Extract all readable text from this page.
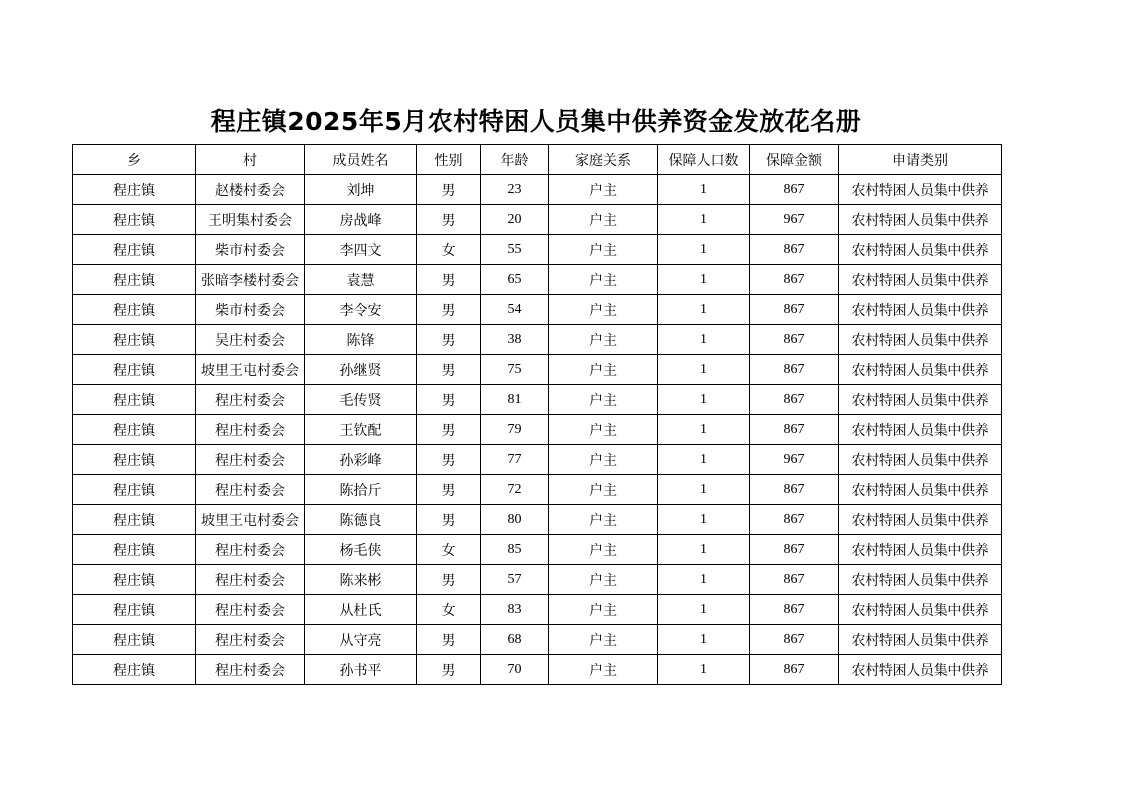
程庄镇2025年5月农村特困人员集中供养资金发放花名册
乡	村	成员姓名	性别	年龄	家庭关系	保障人口数	保障金额	申请类别
程庄镇	赵楼村委会	刘坤	男	23	户主	1	867	农村特困人员集中供养
程庄镇	王明集村委会	房战峰	男	20	户主	1	967	农村特困人员集中供养
程庄镇	柴市村委会	李四文	女	55	户主	1	867	农村特困人员集中供养
程庄镇	张暗李楼村委会	袁慧	男	65	户主	1	867	农村特困人员集中供养
程庄镇	柴市村委会	李令安	男	54	户主	1	867	农村特困人员集中供养
程庄镇	吴庄村委会	陈锋	男	38	户主	1	867	农村特困人员集中供养
程庄镇	坡里王屯村委会	孙继贤	男	75	户主	1	867	农村特困人员集中供养
程庄镇	程庄村委会	毛传贤	男	81	户主	1	867	农村特困人员集中供养
程庄镇	程庄村委会	王钦配	男	79	户主	1	867	农村特困人员集中供养
程庄镇	程庄村委会	孙彩峰	男	77	户主	1	967	农村特困人员集中供养
程庄镇	程庄村委会	陈拾斤	男	72	户主	1	867	农村特困人员集中供养
程庄镇	坡里王屯村委会	陈德良	男	80	户主	1	867	农村特困人员集中供养
程庄镇	程庄村委会	杨毛侠	女	85	户主	1	867	农村特困人员集中供养
程庄镇	程庄村委会	陈来彬	男	57	户主	1	867	农村特困人员集中供养
程庄镇	程庄村委会	从杜氏	女	83	户主	1	867	农村特困人员集中供养
程庄镇	程庄村委会	从守亮	男	68	户主	1	867	农村特困人员集中供养
程庄镇	程庄村委会	孙书平	男	70	户主	1	867	农村特困人员集中供养
